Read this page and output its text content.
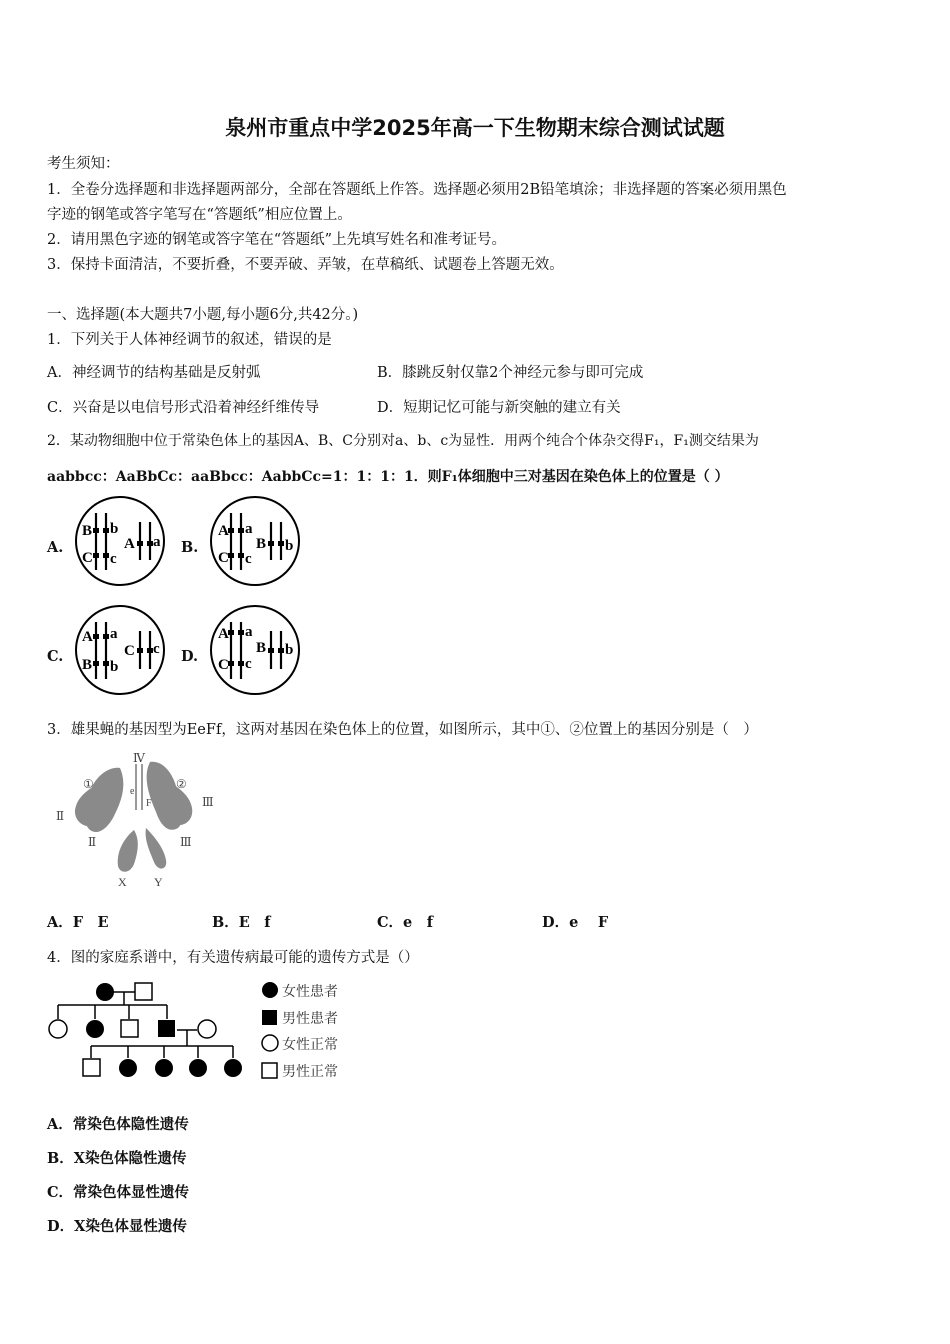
泉州市重点中学2025年高一下生物期末综合测试试题
考生须知：
1．全卷分选择题和非选择题两部分，全部在答题纸上作答。选择题必须用2B铅笔填涂；非选择题的答案必须用黑色
字迹的钢笔或答字笔写在“答题纸”相应位置上。
2．请用黑色字迹的钢笔或答字笔在“答题纸”上先填写姓名和准考证号。
3．保持卡面清洁，不要折叠，不要弄破、弄皱，在草稿纸、试题卷上答题无效。
一、选择题(本大题共7小题,每小题6分,共42分。)
1．下列关于人体神经调节的叙述，错误的是
A．神经调节的结构基础是反射弧	B．膝跳反射仅靠2个神经元参与即可完成
C．兴奋是以电信号形式沿着神经纤维传导	D．短期记忆可能与新突触的建立有关
2．某动物细胞中位于常染色体上的基因A、B、C分别对a、b、c为显性．用两个纯合个体杂交得F₁，F₁测交结果为
aabbcc：AaBbCc：aaBbcc：AabbCc=1：1：1：1．则F₁体细胞中三对基因在染色体上的位置是（ ）
A.	B.
C.	D.
B b
C c
A a
A a
C c
B b
A a
B b
C c
A a
C c
B b
3．雄果蝇的基因型为EeFf，这两对基因在染色体上的位置，如图所示，其中①、②位置上的基因分别是（　）
①	②
Ⅳ
Ⅱ
Ⅲ
Ⅱ	Ⅲ
X Y
e
F
A．F　E	B．E　f	C．e　f	D．e　 F
4．图的家庭系谱中，有关遗传病最可能的遗传方式是（）
女性患者
男性患者
女性正常
男性正常
A．常染色体隐性遗传
B．X染色体隐性遗传
C．常染色体显性遗传
D．X染色体显性遗传
